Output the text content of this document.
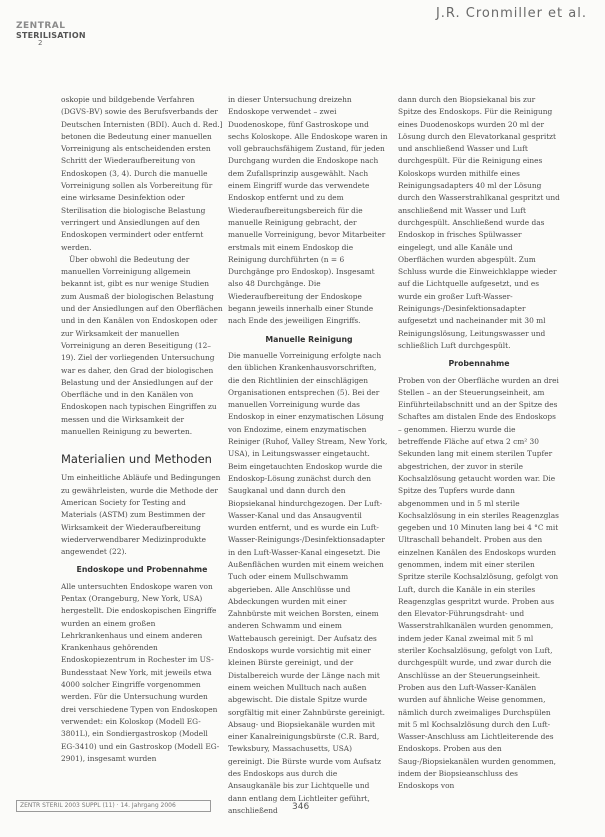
ZENTRAL
STERILISATION
2
J.R. Cronmiller et al.

oskopie und bildgebende Verfahren (DGVS-BV) sowie des Berufsverbands der Deutschen Internisten (BDI). Auch d. Red.] betonen die Bedeutung einer manuellen Vorreinigung als entscheidenden ersten Schritt der Wiederaufbereitung von Endoskopen (3, 4). Durch die manuelle Vorreinigung sollen als Vorbereitung für eine wirksame Desinfektion oder Sterilisation die biologische Belastung verringert und Ansiedlungen auf den Endoskopen vermindert oder entfernt werden.

Über obwohl die Bedeutung der manuellen Vorreinigung allgemein bekannt ist, gibt es nur wenige Studien zum Ausmaß der biologischen Belastung und der Ansiedlungen auf den Oberflächen und in den Kanälen von Endoskopen oder zur Wirksamkeit der manuellen Vorreinigung an deren Beseitigung (12–19). Ziel der vorliegenden Untersuchung war es daher, den Grad der biologischen Belastung und der Ansiedlungen auf der Oberfläche und in den Kanälen von Endoskopen nach typischen Eingriffen zu messen und die Wirksamkeit der manuellen Reinigung zu bewerten.

Materialien und Methoden

Um einheitliche Abläufe und Bedingungen zu gewährleisten, wurde die Methode der American Society for Testing and Materials (ASTM) zum Bestimmen der Wirksamkeit der Wiederaufbereitung wiederverwendbarer Medizinprodukte angewendet (22).

Endoskope und Probennahme

Alle untersuchten Endoskope waren von Pentax (Orangeburg, New York, USA) hergestellt. Die endoskopischen Eingriffe wurden an einem großen Lehrkrankenhaus und einem anderen Krankenhaus gehörenden Endoskopiezentrum in Rochester im US-Bundesstaat New York, mit jeweils etwa 4000 solcher Eingriffe vorgenommen werden. Für die Untersuchung wurden drei verschiedene Typen von Endoskopen verwendet: ein Koloskop (Modell EG-3801L), ein Sondiergastroskop (Modell EG-3410) und ein Gastroskop (Modell EG-2901), insgesamt wurden

in dieser Untersuchung dreizehn Endoskope verwendet – zwei Duodenoskope, fünf Gastroskope und sechs Koloskope. Alle Endoskope waren in voll gebrauchsfähigem Zustand, für jeden Durchgang wurden die Endoskope nach dem Zufallsprinzip ausgewählt. Nach einem Eingriff wurde das verwendete Endoskop entfernt und zu dem Wiederaufbereitungsbereich für die manuelle Reinigung gebracht, der manuelle Vorreinigung, bevor Mitarbeiter erstmals mit einem Endoskop die Reinigung durchführten (n = 6 Durchgänge pro Endoskop). Insgesamt also 48 Durchgänge. Die Wiederaufbereitung der Endoskope begann jeweils innerhalb einer Stunde nach Ende des jeweiligen Eingriffs.

Manuelle Reinigung

Die manuelle Vorreinigung erfolgte nach den üblichen Krankenhausvorschriften, die den Richtlinien der einschlägigen Organisationen entsprechen (5). Bei der manuellen Vorreinigung wurde das Endoskop in einer enzymatischen Lösung von Endozime, einem enzymatischen Reiniger (Ruhof, Valley Stream, New York, USA), in Leitungswasser eingetaucht. Beim eingetauchten Endoskop wurde die Endoskop-Lösung zunächst durch den Saugkanal und dann durch den Biopsiekanal hindurchgezogen. Der Luft-Wasser-Kanal und das Ansaugventil wurden entfernt, und es wurde ein Luft-Wasser-Reinigungs-/Desinfektionsadapter in den Luft-Wasser-Kanal eingesetzt. Die Außenflächen wurden mit einem weichen Tuch oder einem Mullschwamm abgerieben. Alle Anschlüsse und Abdeckungen wurden mit einer Zahnbürste mit weichen Borsten, einem anderen Schwamm und einem Wattebausch gereinigt. Der Aufsatz des Endoskops wurde vorsichtig mit einer kleinen Bürste gereinigt, und der Distalbereich wurde der Länge nach mit einem weichen Mulltuch nach außen abgewischt. Die distale Spitze wurde sorgfältig mit einer Zahnbürste gereinigt. Absaug- und Biopsiekanäle wurden mit einer Kanalreinigungsbürste (C.R. Bard, Tewksbury, Massachusetts, USA) gereinigt. Die Bürste wurde vom Aufsatz des Endoskops aus durch die Ansaugkanäle bis zur Lichtquelle und dann entlang dem Lichtleiter geführt, anschließend

dann durch den Biopsiekanal bis zur Spitze des Endoskops. Für die Reinigung eines Duodenoskops wurden 20 ml der Lösung durch den Elevatorkanal gespritzt und anschließend Wasser und Luft durchgespült. Für die Reinigung eines Koloskops wurden mithilfe eines Reinigungsadapters 40 ml der Lösung durch den Wasserstrahlkanal gespritzt und anschließend mit Wasser und Luft durchgespült. Anschließend wurde das Endoskop in frisches Spülwasser eingelegt, und alle Kanäle und Oberflächen wurden abgespült. Zum Schluss wurde die Einweichklappe wieder auf die Lichtquelle aufgesetzt, und es wurde ein großer Luft-Wasser-Reinigungs-/Desinfektionsadapter aufgesetzt und nacheinander mit 30 ml Reinigungslösung, Leitungswasser und schließlich Luft durchgespült.

Probennahme

Proben von der Oberfläche wurden an drei Stellen – an der Steuerungseinheit, am Einführteilabschnitt und an der Spitze des Schaftes am distalen Ende des Endoskops – genommen. Hierzu wurde die betreffende Fläche auf etwa 2 cm² 30 Sekunden lang mit einem sterilen Tupfer abgestrichen, der zuvor in sterile Kochsalzlösung getaucht worden war. Die Spitze des Tupfers wurde dann abgenommen und in 5 ml sterile Kochsalzlösung in ein steriles Reagenzglas gegeben und 10 Minuten lang bei 4 °C mit Ultraschall behandelt. Proben aus den einzelnen Kanälen des Endoskops wurden genommen, indem mit einer sterilen Spritze sterile Kochsalzlösung, gefolgt von Luft, durch die Kanäle in ein steriles Reagenzglas gespritzt wurde. Proben aus den Elevator-Führungsdraht- und Wasserstrahlkanälen wurden genommen, indem jeder Kanal zweimal mit 5 ml steriler Kochsalzlösung, gefolgt von Luft, durchgespült wurde, und zwar durch die Anschlüsse an der Steuerungseinheit. Proben aus den Luft-Wasser-Kanälen wurden auf ähnliche Weise genommen, nämlich durch zweimaliges Durchspülen mit 5 ml Kochsalzlösung durch den Luft-Wasser-Anschluss am Lichtleiterende des Endoskops. Proben aus den Saug-/Biopsiekanälen wurden genommen, indem der Biopsieanschluss des Endoskops von

ZENTR STERIL 2003 SUPPL (11) · 14. Jahrgang 2006	346
